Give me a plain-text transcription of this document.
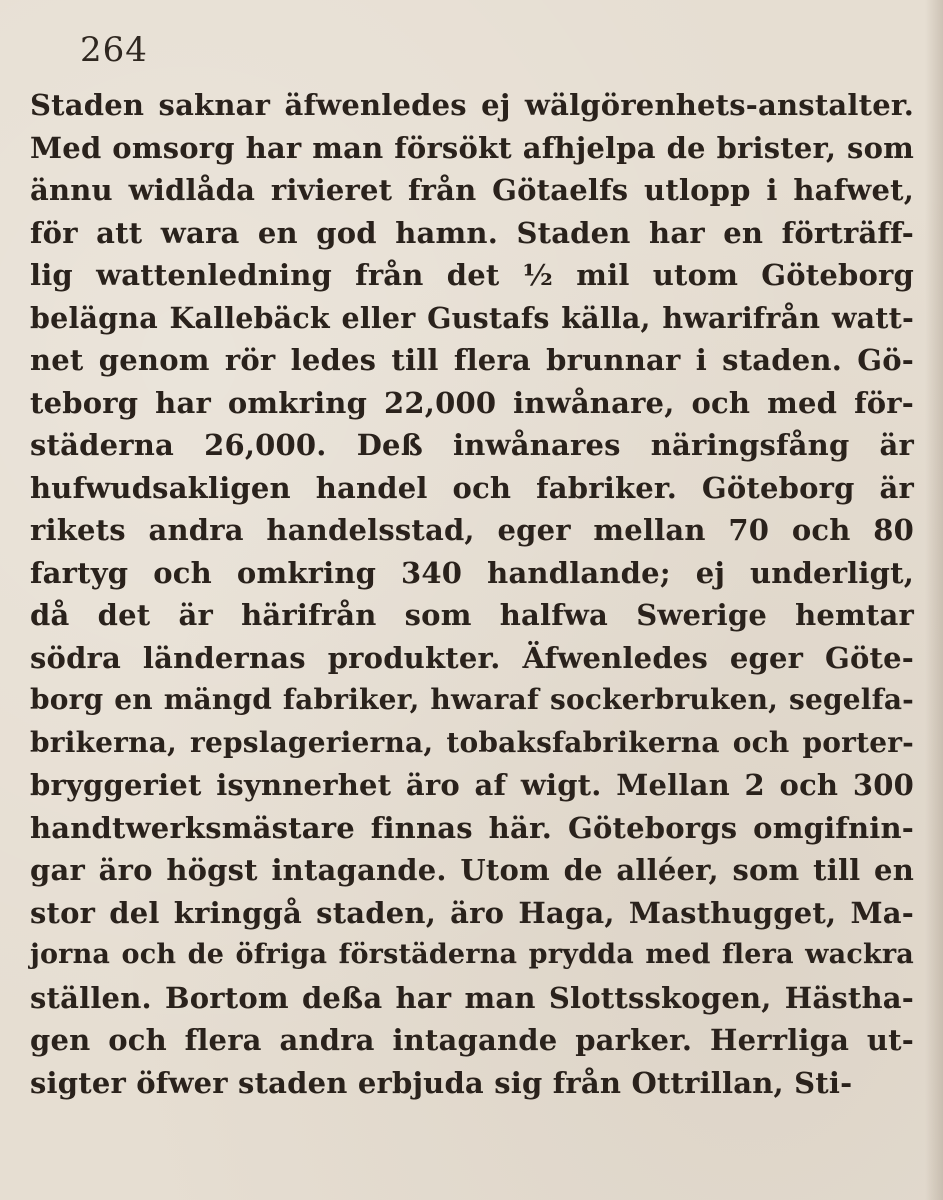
264
Staden saknar äfwenledes ej wälgörenhets-anstalter.
Med omsorg har man försökt afhjelpa de brister, som
ännu widlåda rivieret från Götaelfs utlopp i hafwet,
för att wara en god hamn. Staden har en förträff-
lig wattenledning från det ½ mil utom Göteborg
belägna Kallebäck eller Gustafs källa, hwarifrån watt-
net genom rör ledes till flera brunnar i staden. Gö-
teborg har omkring 22,000 inwånare, och med för-
städerna 26,000. Deß inwånares näringsfång är
hufwudsakligen handel och fabriker. Göteborg är
rikets andra handelsstad, eger mellan 70 och 80
fartyg och omkring 340 handlande; ej underligt,
då det är härifrån som halfwa Swerige hemtar
södra ländernas produkter. Äfwenledes eger Göte-
borg en mängd fabriker, hwaraf sockerbruken, segelfa-
brikerna, repslagerierna, tobaksfabrikerna och porter-
bryggeriet isynnerhet äro af wigt. Mellan 2 och 300
handtwerksmästare finnas här. Göteborgs omgifnin-
gar äro högst intagande. Utom de alléer, som till en
stor del kringgå staden, äro Haga, Masthugget, Ma-
jorna och de öfriga förstäderna prydda med flera wackra
ställen. Bortom deßa har man Slottsskogen, Hästha-
gen och flera andra intagande parker. Herrliga ut-
sigter öfwer staden erbjuda sig från Ottrillan, Sti-
